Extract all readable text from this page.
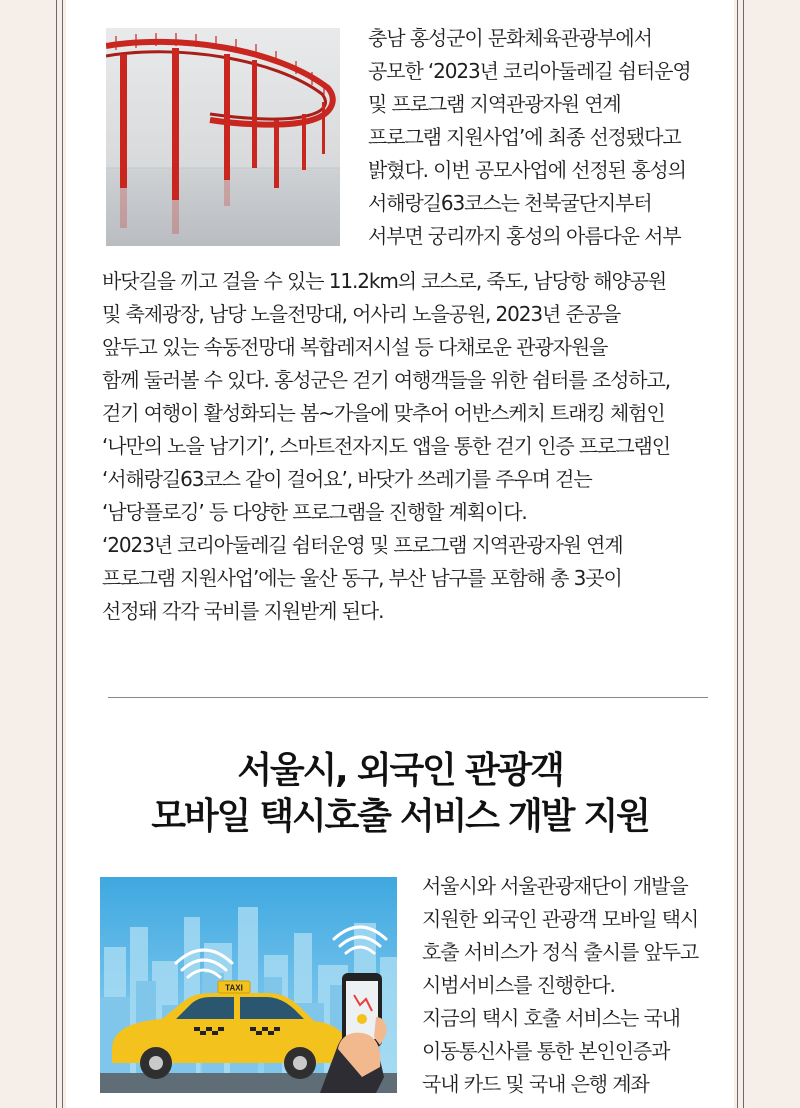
충남 홍성군이 문화체육관광부에서

공모한 ‘2023년 코리아둘레길 쉼터운영

및 프로그램 지역관광자원 연계

프로그램 지원사업’에 최종 선정됐다고

밝혔다. 이번 공모사업에 선정된 홍성의

서해랑길63코스는 천북굴단지부터

서부면 궁리까지 홍성의 아름다운 서부

바닷길을 끼고 걸을 수 있는 11.2km의 코스로, 죽도, 남당항 해양공원

및 축제광장, 남당 노을전망대, 어사리 노을공원, 2023년 준공을

앞두고 있는 속동전망대 복합레저시설 등 다채로운 관광자원을

함께 둘러볼 수 있다. 홍성군은 걷기 여행객들을 위한 쉼터를 조성하고,

걷기 여행이 활성화되는 봄~가을에 맞추어 어반스케치 트래킹 체험인

‘나만의 노을 남기기’, 스마트전자지도 앱을 통한 걷기 인증 프로그램인

‘서해랑길63코스 같이 걸어요’, 바닷가 쓰레기를 주우며 걷는

‘남당플로깅’ 등 다양한 프로그램을 진행할 계획이다.

‘2023년 코리아둘레길 쉼터운영 및 프로그램 지역관광자원 연계

프로그램 지원사업’에는 울산 동구, 부산 남구를 포함해 총 3곳이

선정돼 각각 국비를 지원받게 된다.

서울시, 외국인 관광객
모바일 택시호출 서비스 개발 지원
TAXI

서울시와 서울관광재단이 개발을

지원한 외국인 관광객 모바일 택시

호출 서비스가 정식 출시를 앞두고

시범서비스를 진행한다.

지금의 택시 호출 서비스는 국내

이동통신사를 통한 본인인증과

국내 카드 및 국내 은행 계좌
